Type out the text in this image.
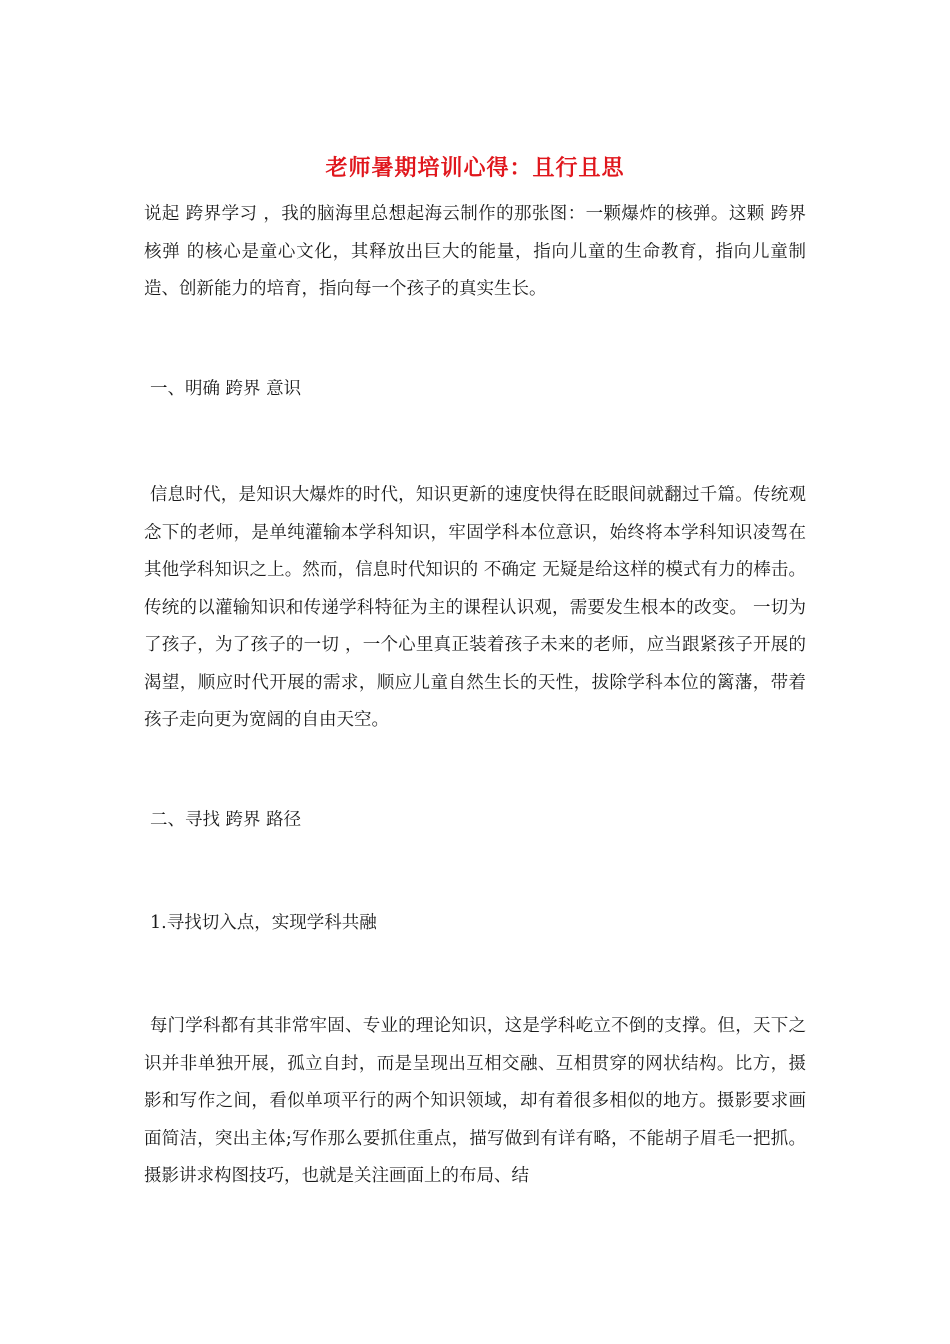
老师暑期培训心得：且行且思

说起 跨界学习 ，我的脑海里总想起海云制作的那张图：一颗爆炸的核弹。这颗 跨界核弹 的核心是童心文化，其释放出巨大的能量，指向儿童的生命教育，指向儿童制造、创新能力的培育，指向每一个孩子的真实生长。

一、明确 跨界 意识

信息时代，是知识大爆炸的时代，知识更新的速度快得在眨眼间就翻过千篇。传统观念下的老师，是单纯灌输本学科知识，牢固学科本位意识，始终将本学科知识凌驾在其他学科知识之上。然而，信息时代知识的 不确定 无疑是给这样的模式有力的棒击。传统的以灌输知识和传递学科特征为主的课程认识观，需要发生根本的改变。 一切为了孩子，为了孩子的一切 ，一个心里真正装着孩子未来的老师，应当跟紧孩子开展的渴望，顺应时代开展的需求，顺应儿童自然生长的天性，拔除学科本位的篱藩，带着孩子走向更为宽阔的自由天空。

二、寻找 跨界 路径
1.寻找切入点，实现学科共融

每门学科都有其非常牢固、专业的理论知识，这是学科屹立不倒的支撑。但，天下之识并非单独开展，孤立自封，而是呈现出互相交融、互相贯穿的网状结构。比方，摄影和写作之间，看似单项平行的两个知识领域，却有着很多相似的地方。摄影要求画面简洁，突出主体;写作那么要抓住重点，描写做到有详有略，不能胡子眉毛一把抓。摄影讲求构图技巧，也就是关注画面上的布局、结
